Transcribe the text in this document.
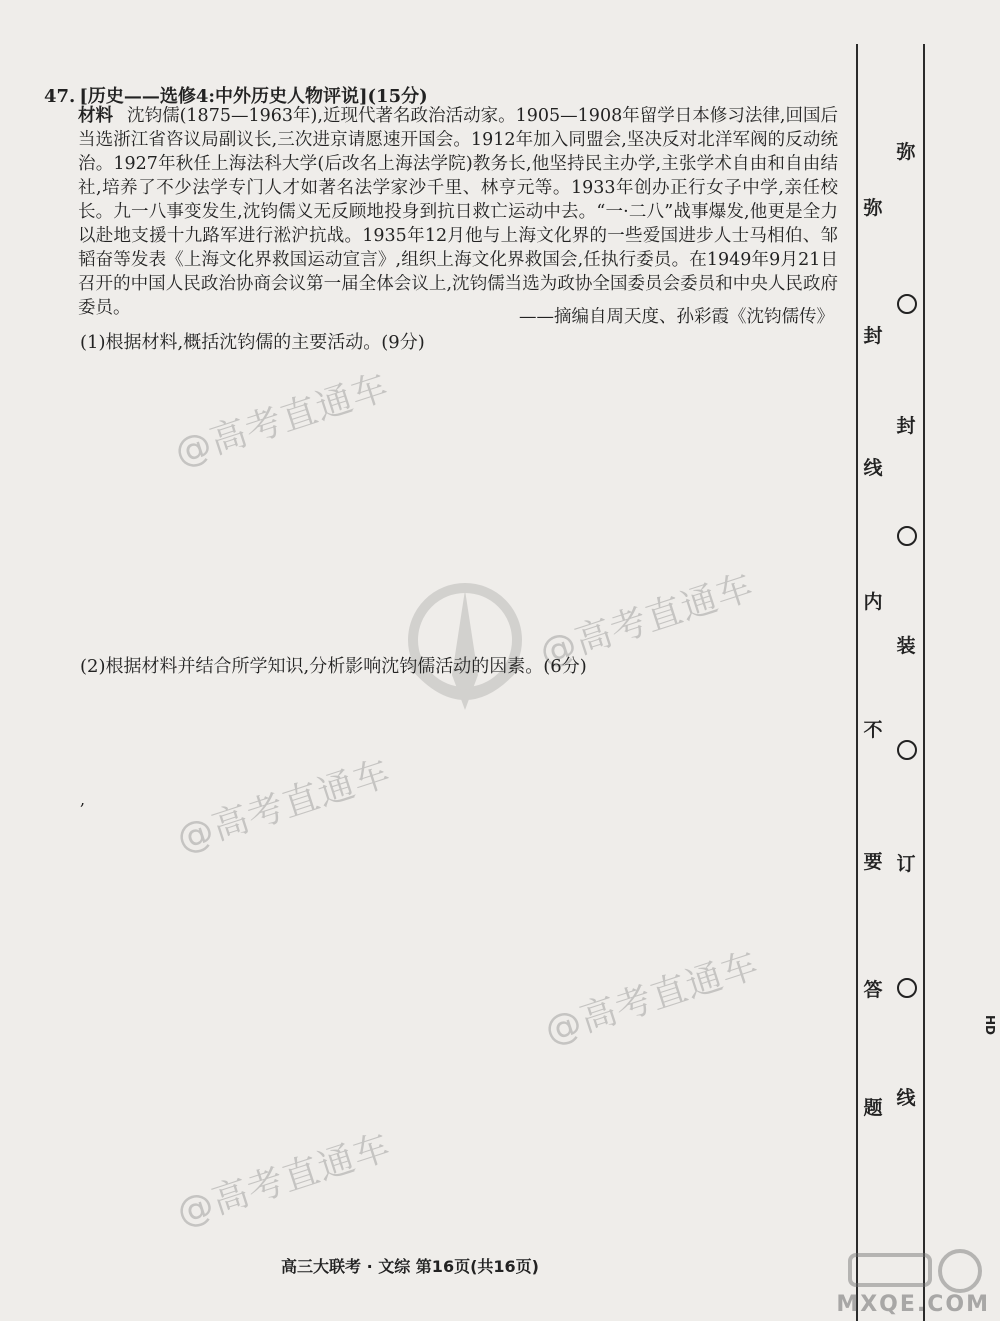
@高考直通车
@高考直通车
@高考直通车
@高考直通车
@高考直通车
47. [历史——选修4:中外历史人物评说](15分)
材料 沈钧儒(1875—1963年),近现代著名政治活动家。1905—1908年留学日本修习法律,回国后当选浙江省咨议局副议长,三次进京请愿速开国会。1912年加入同盟会,坚决反对北洋军阀的反动统治。1927年秋任上海法科大学(后改名上海法学院)教务长,他坚持民主办学,主张学术自由和自由结社,培养了不少法学专门人才如著名法学家沙千里、林亨元等。1933年创办正行女子中学,亲任校长。九一八事变发生,沈钧儒义无反顾地投身到抗日救亡运动中去。“一·二八”战事爆发,他更是全力以赴地支援十九路军进行淞沪抗战。1935年12月他与上海文化界的一些爱国进步人士马相伯、邹韬奋等发表《上海文化界救国运动宣言》,组织上海文化界救国会,任执行委员。在1949年9月21日召开的中国人民政治协商会议第一届全体会议上,沈钧儒当选为政协全国委员会委员和中央人民政府委员。	——摘编自周天度、孙彩霞《沈钧儒传》
(1)根据材料,概括沈钧儒的主要活动。(9分)
(2)根据材料并结合所学知识,分析影响沈钧儒活动的因素。(6分)
,
弥
封
线
内
不
要
答
题
弥
封
装
订
线
HD
高三大联考 · 文综 第16页(共16页)
MXQE.COM
